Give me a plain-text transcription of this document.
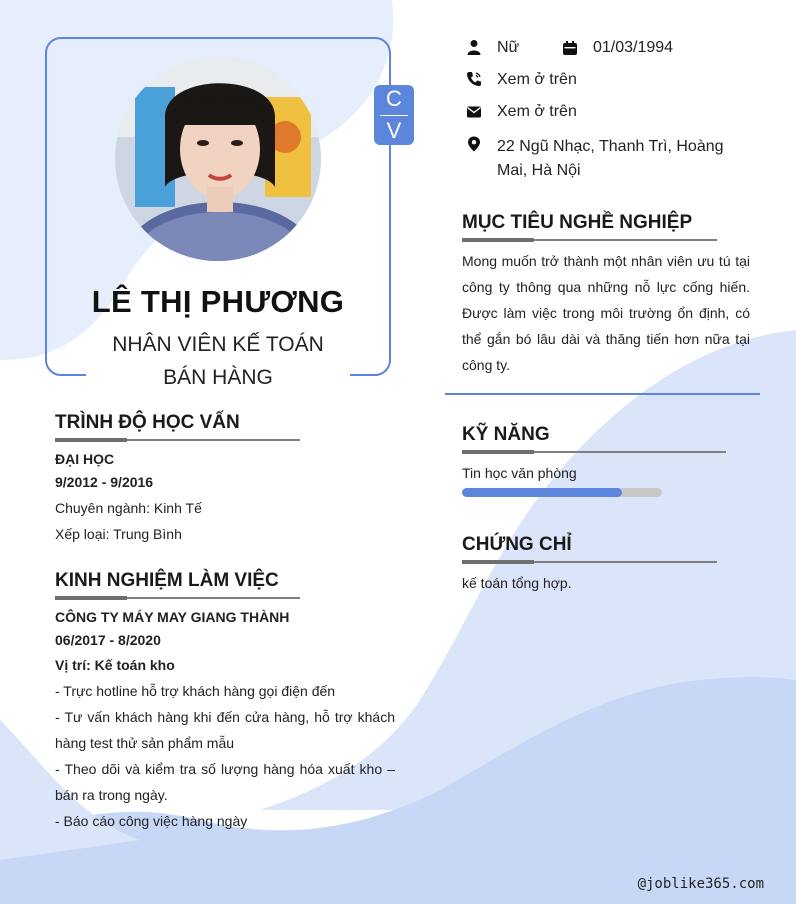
C
V
LÊ THỊ PHƯƠNG
NHÂN VIÊN KẾ TOÁN
BÁN HÀNG
TRÌNH ĐỘ HỌC VẤN
ĐẠI HỌC
9/2012 - 9/2016
Chuyên ngành: Kinh Tế
Xếp loại: Trung Bình
KINH NGHIỆM LÀM VIỆC
CÔNG TY MÁY MAY GIANG THÀNH
06/2017 - 8/2020
Vị trí: Kế toán kho
- Trực hotline hỗ trợ khách hàng gọi điện đến
- Tư vấn khách hàng khi đến cửa hàng, hỗ trợ khách hàng test thử sản phẩm mẫu
- Theo dõi và kiểm tra số lượng hàng hóa xuất kho – bán ra trong ngày.
- Báo cáo công việc hàng ngày
Nữ	01/03/1994
Xem ở trên
Xem ở trên
22 Ngũ Nhạc, Thanh Trì, Hoàng
Mai, Hà Nội
MỤC TIÊU NGHỀ NGHIỆP
Mong muốn trở thành một nhân viên ưu tú tại công ty thông qua những nỗ lực cống hiến. Được làm việc trong môi trường ổn định, có thể gắn bó lâu dài và thăng tiến hơn nữa tại công ty.
KỸ NĂNG
Tin học văn phòng
CHỨNG CHỈ
kế toán tổng hợp.
@joblike365.com
